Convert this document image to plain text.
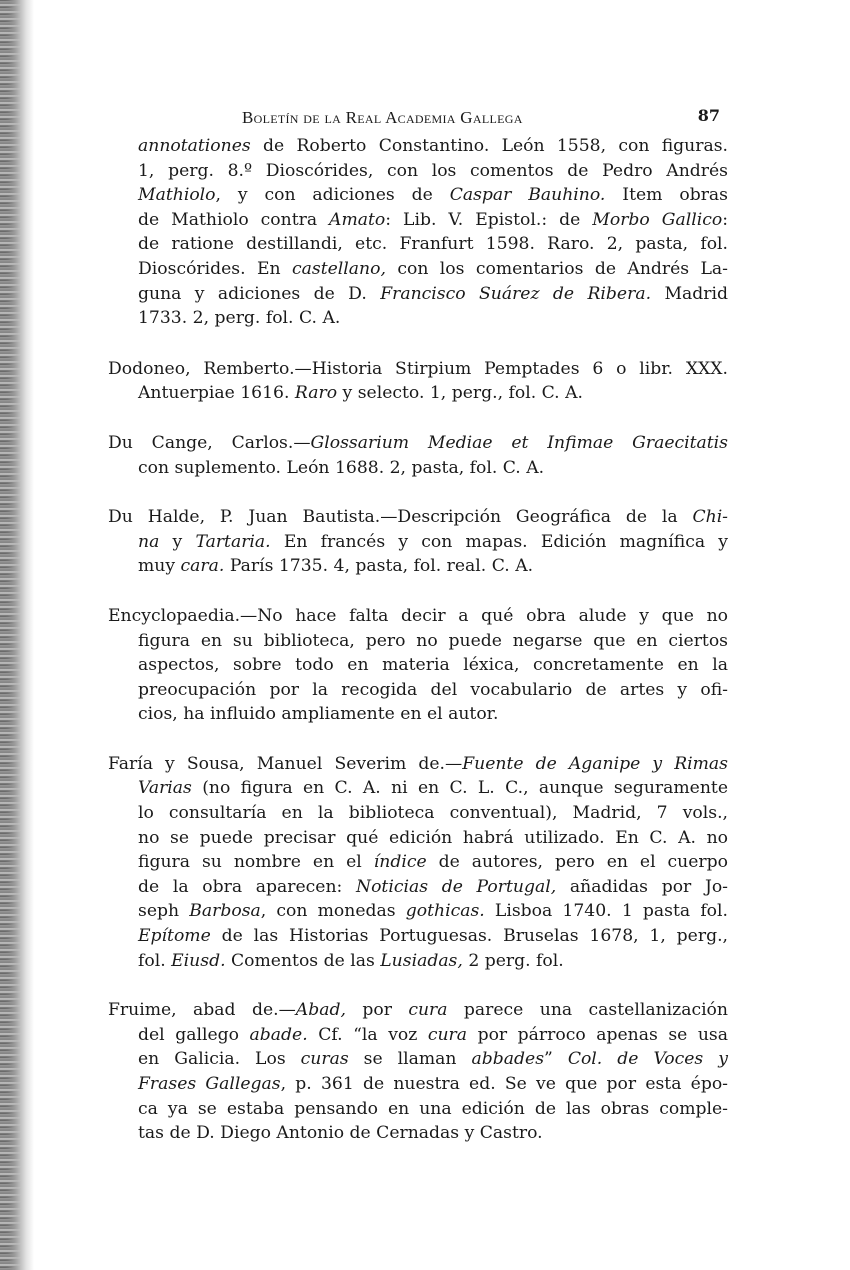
Boletín de la Real Academia Gallega	87
annotationes de Roberto Constantino. León 1558, con figuras.
1, perg. 8.º Dioscórides, con los comentos de Pedro Andrés
Mathiolo, y con adiciones de Caspar Bauhino. Item obras
de Mathiolo contra Amato: Lib. V. Epistol.: de Morbo Gallico:
de ratione destillandi, etc. Franfurt 1598. Raro. 2, pasta, fol.
Dioscórides. En castellano, con los comentarios de Andrés La-
guna y adiciones de D. Francisco Suárez de Ribera. Madrid
1733. 2, perg. fol. C. A.
Dodoneo, Remberto.—Historia Stirpium Pemptades 6 o libr. XXX.
Antuerpiae 1616. Raro y selecto. 1, perg., fol. C. A.
Du Cange, Carlos.—Glossarium Mediae et Infimae Graecitatis
con suplemento. León 1688. 2, pasta, fol. C. A.
Du Halde, P. Juan Bautista.—Descripción Geográfica de la Chi-
na y Tartaria. En francés y con mapas. Edición magnífica y
muy cara. París 1735. 4, pasta, fol. real. C. A.
Encyclopaedia.—No hace falta decir a qué obra alude y que no
figura en su biblioteca, pero no puede negarse que en ciertos
aspectos, sobre todo en materia léxica, concretamente en la
preocupación por la recogida del vocabulario de artes y ofi-
cios, ha influido ampliamente en el autor.
Faría y Sousa, Manuel Severim de.—Fuente de Aganipe y Rimas
Varias (no figura en C. A. ni en C. L. C., aunque seguramente
lo consultaría en la biblioteca conventual), Madrid, 7 vols.,
no se puede precisar qué edición habrá utilizado. En C. A. no
figura su nombre en el índice de autores, pero en el cuerpo
de la obra aparecen: Noticias de Portugal, añadidas por Jo-
seph Barbosa, con monedas gothicas. Lisboa 1740. 1 pasta fol.
Epítome de las Historias Portuguesas. Bruselas 1678, 1, perg.,
fol. Eiusd. Comentos de las Lusiadas, 2 perg. fol.
Fruime, abad de.—Abad, por cura parece una castellanización
del gallego abade. Cf. “la voz cura por párroco apenas se usa
en Galicia. Los curas se llaman abbades” Col. de Voces y
Frases Gallegas, p. 361 de nuestra ed. Se ve que por esta épo-
ca ya se estaba pensando en una edición de las obras comple-
tas de D. Diego Antonio de Cernadas y Castro.
